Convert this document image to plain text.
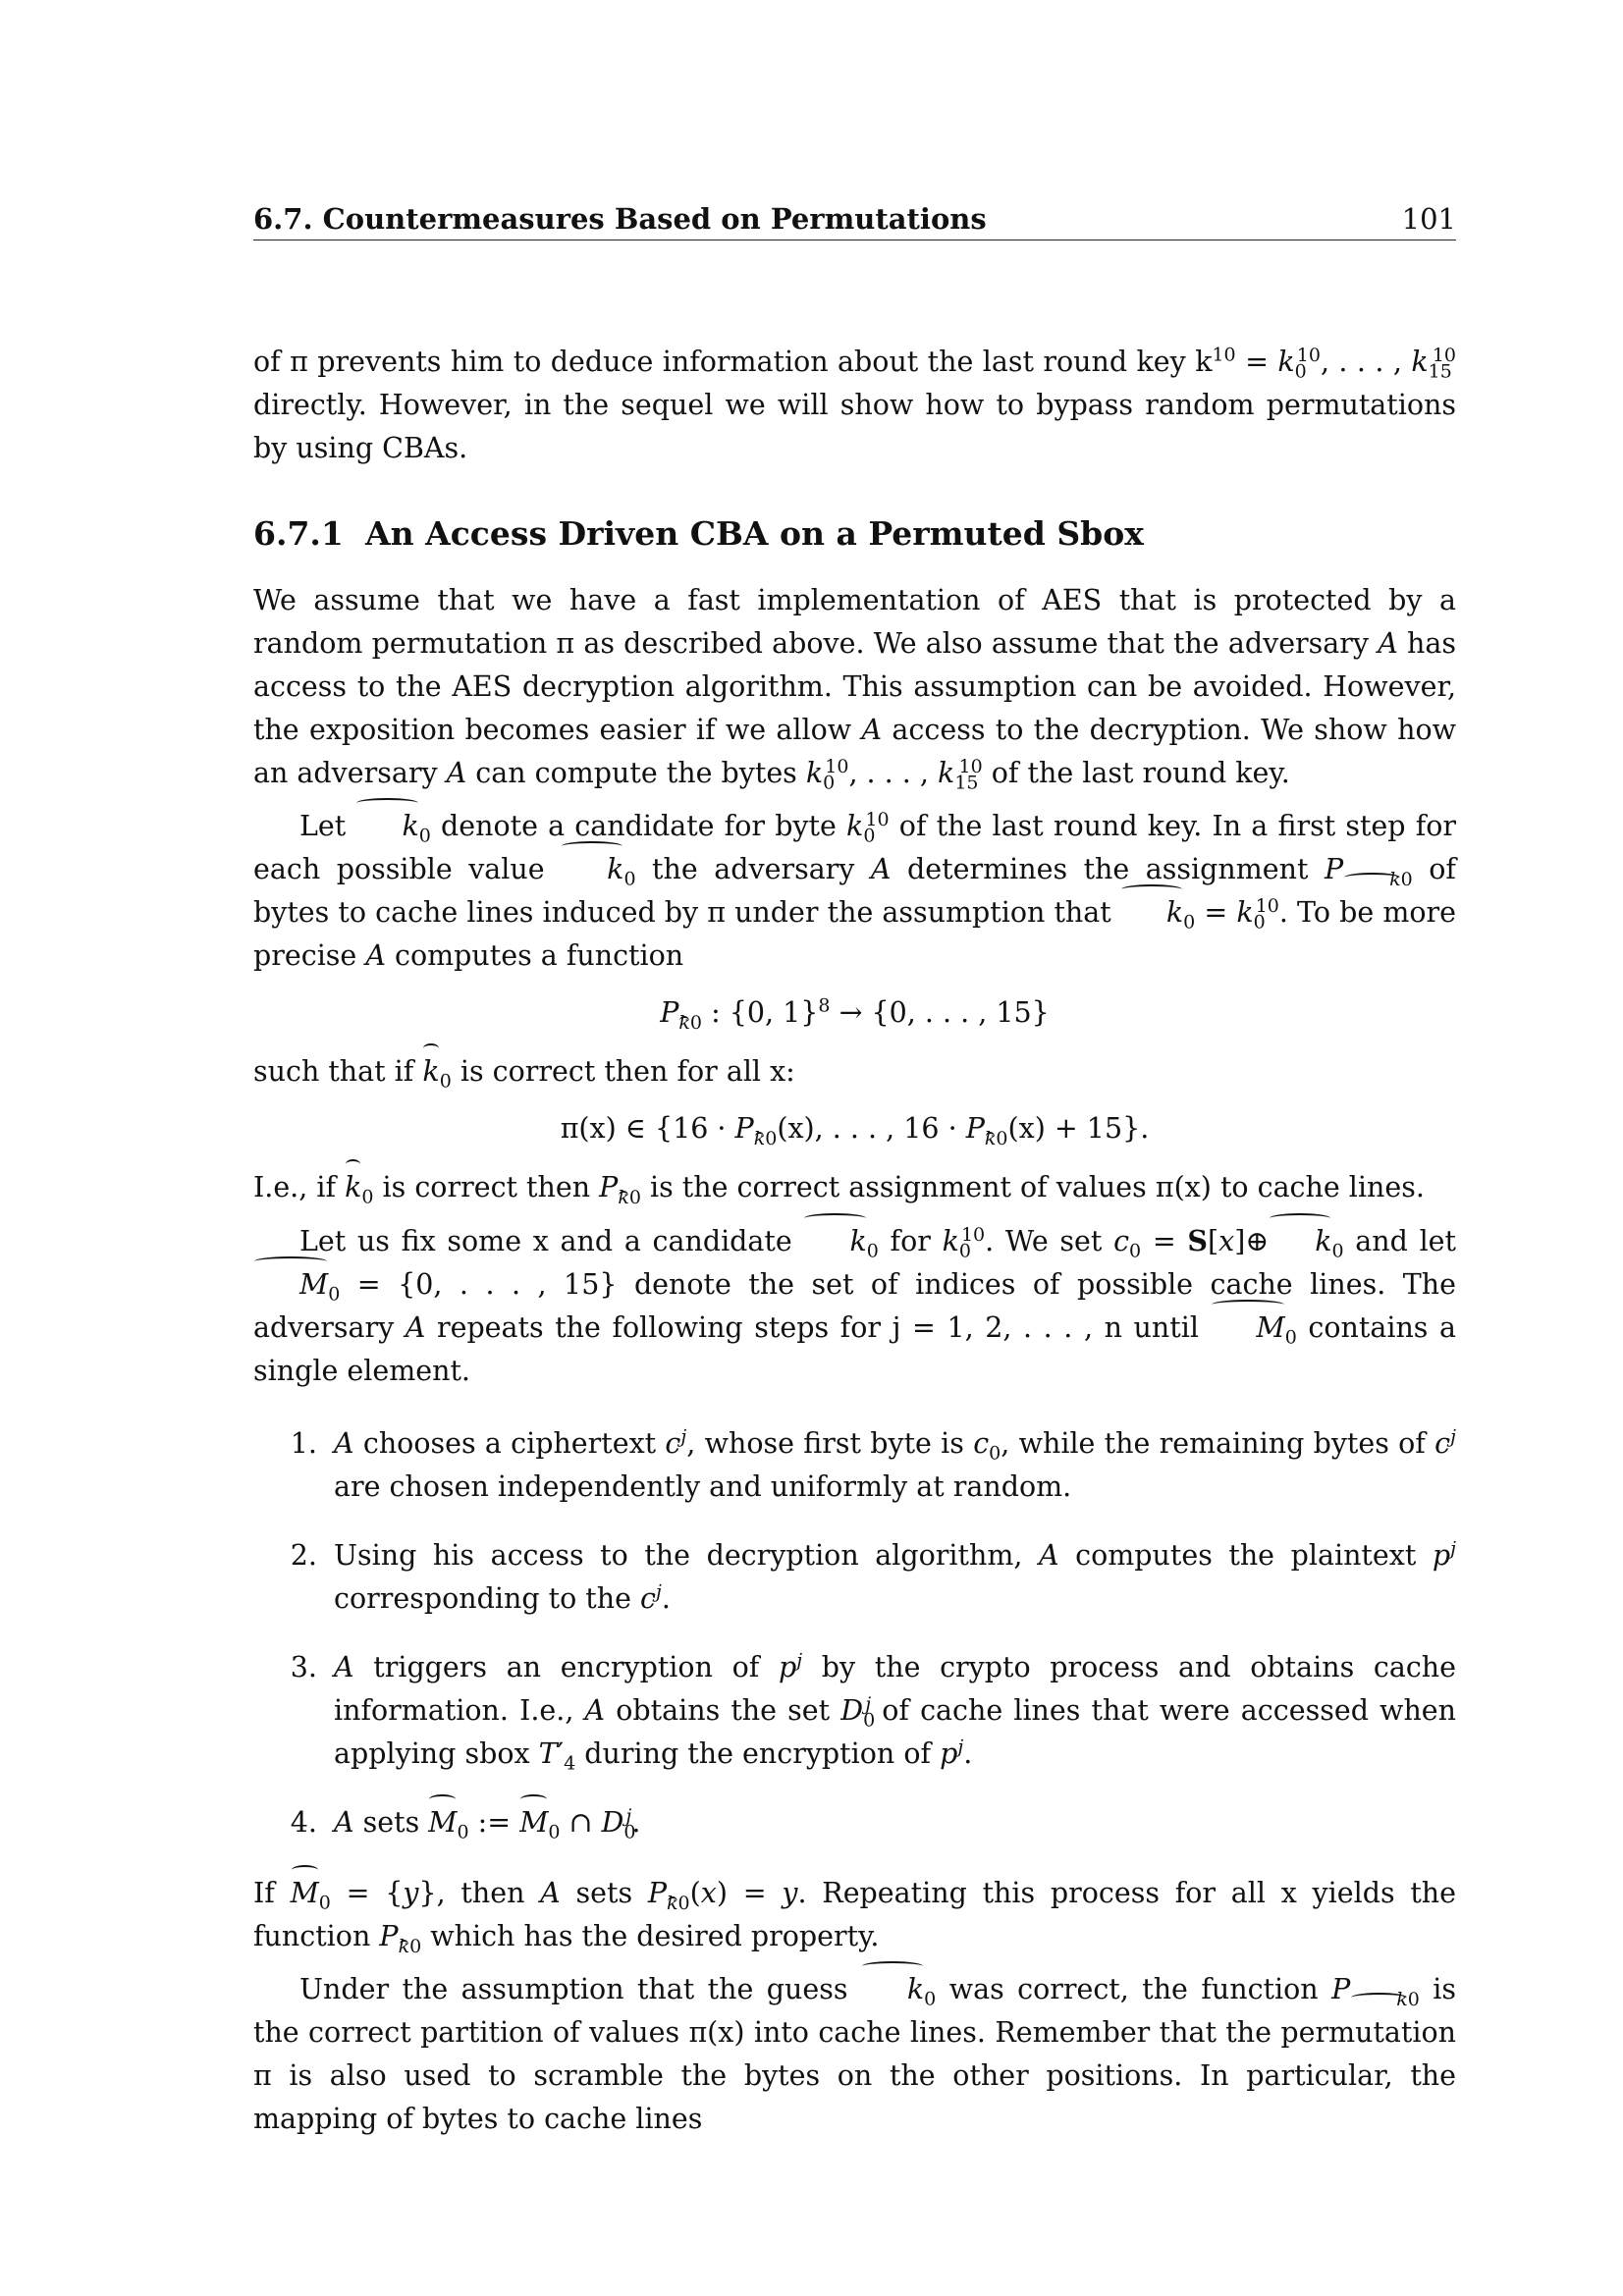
6.7. Countermeasures Based on Permutations	101

of π prevents him to deduce information about the last round key $k^{10} = k_0^{10}$, . . . , $k_{15}^{10}$ directly. However, in the sequel we will show how to bypass random permutations by using CBAs.

6.7.1 An Access Driven CBA on a Permuted Sbox

We assume that we have a fast implementation of AES that is protected by a random permutation π as described above. We also assume that the adversary A has access to the AES decryption algorithm. This assumption can be avoided. However, the exposition becomes easier if we allow A access to the decryption. We show how an adversary A can compute the bytes $k_0^{10}$, . . . , $k_{15}^{10}$ of the last round key.

Let $k_0$ denote a candidate for byte $k_0^{10}$ of the last round key. In a first step for each possible value $k_0$ the adversary A determines the assignment P $_{k0}$ of bytes to cache lines induced by π under the assumption that $k_0 = k_0^{10}$. To be more precise A computes a function

$P_{k0}$ : {0, 1}$^8$ → {0, . . . , 15}

such that if $k_0$ is correct then for all x:

π(x) ∈ {$16 \cdot P_{k0}(x)$, . . . , $16 \cdot P_{k0}(x) + 15$}.

I.e., if $k_0$ is correct then $P_{k0}$ is the correct assignment of values π(x) to cache lines.

Let us fix some x and a candidate $k_0$ for $k_0^{10}$. We set $c_0$ = S[x]⊕ $k_0$ and let $M_0 = \{0$, . . . , 15} denote the set of indices of possible cache lines. The adversary A repeats the following steps for j = 1, 2, . . . , n until $M_0$ contains a single element.

1. A chooses a ciphertext $c^j$, whose first byte is $c_0$, while the remaining bytes of $c^j$ are chosen independently and uniformly at random.
2. Using his access to the decryption algorithm, A computes the plaintext $p^j$ corresponding to the $c^j$.
3. A triggers an encryption of $p^j$ by the crypto process and obtains cache information. I.e., A obtains the set $D_0^j$ of cache lines that were accessed when applying sbox $T'_4$ during the encryption of $p^j$.
4. A sets $M_0$ := $M_0$ ∩ $D_0^j$.

If $M_0 = \{y\}$, then A sets $P_{k0}(x) = y$. Repeating this process for all x yields the function $P_{k0}$ which has the desired property.

Under the assumption that the guess $k_0$ was correct, the function P $_{k0}$ is the correct partition of values π(x) into cache lines. Remember that the permutation π is also used to scramble the bytes on the other positions. In particular, the mapping of bytes to cache lines
